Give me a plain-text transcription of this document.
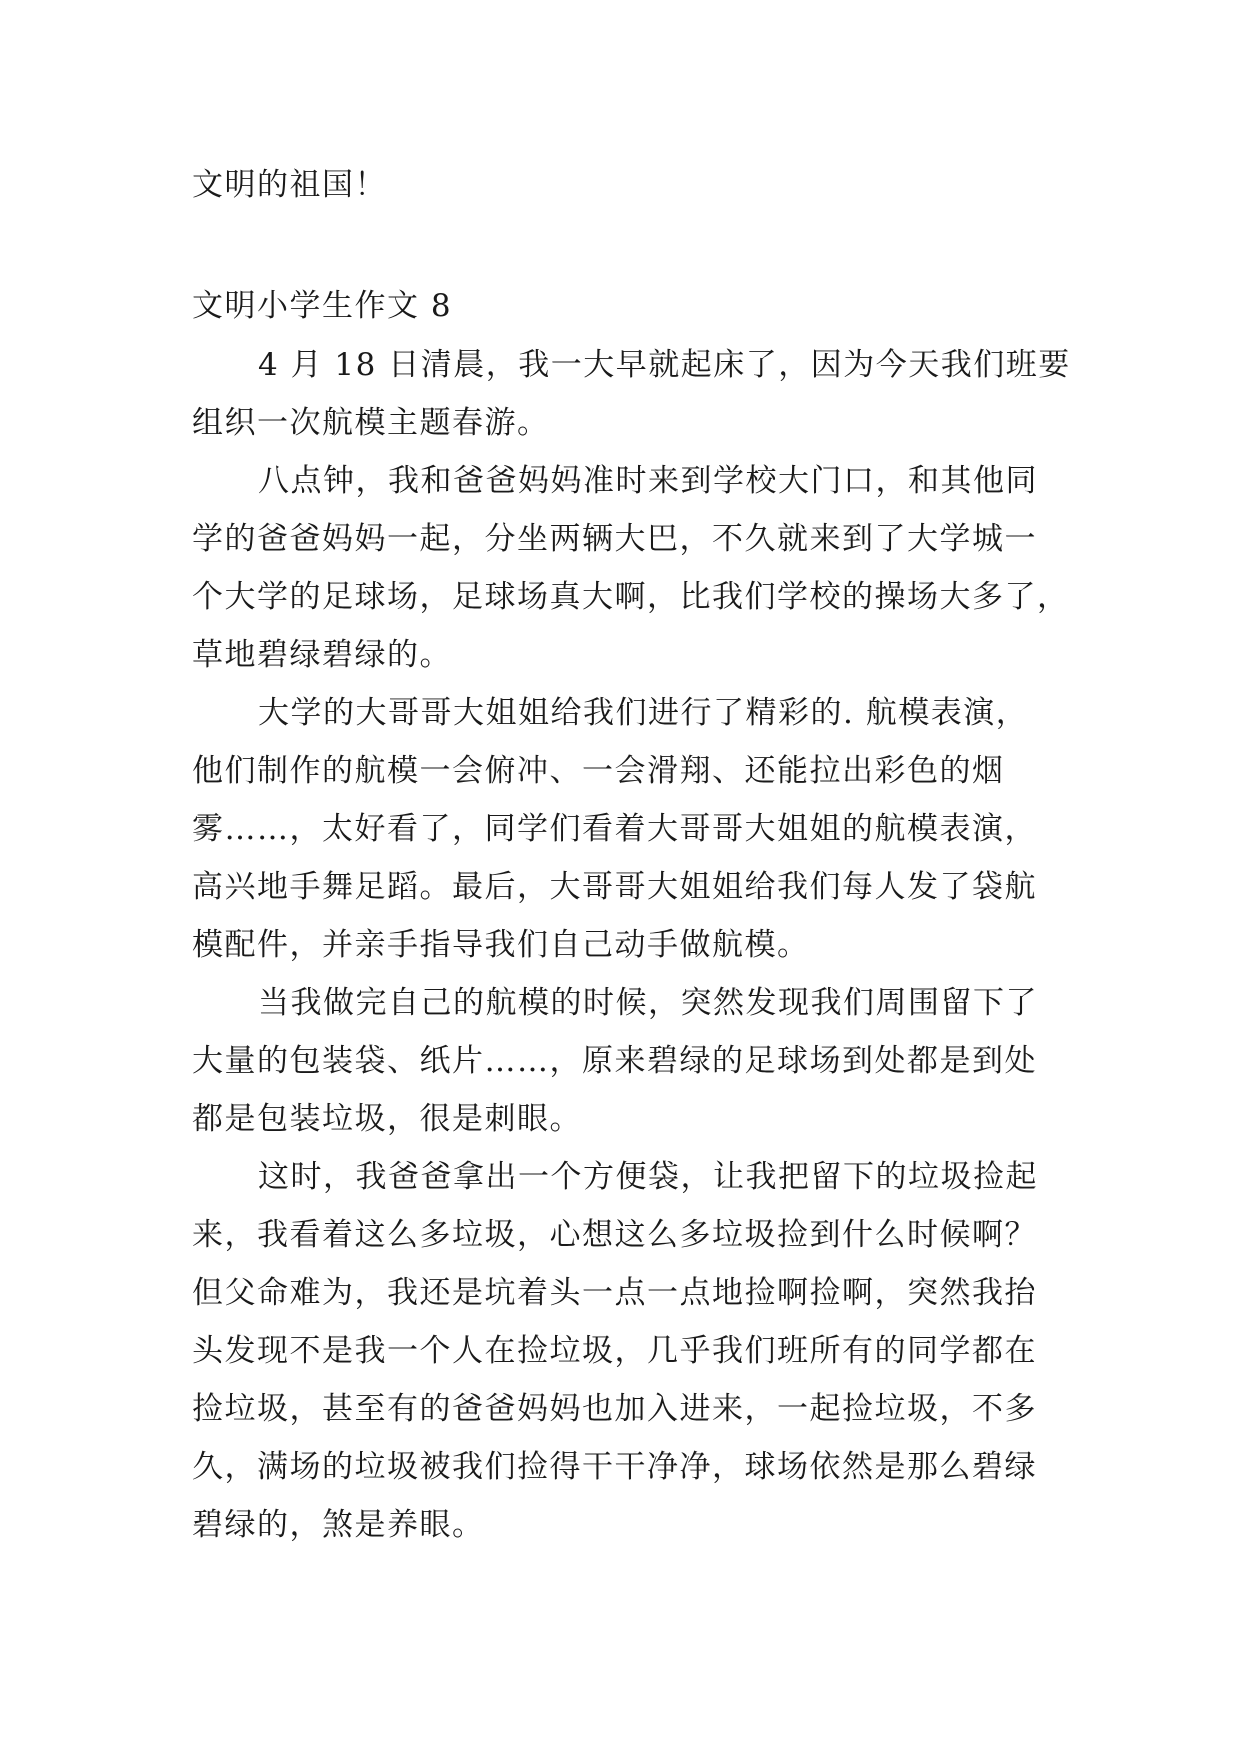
文明的祖国！

文明小学生作文 8

4 月 18 日清晨，我一大早就起床了，因为今天我们班要
组织一次航模主题春游。
八点钟，我和爸爸妈妈准时来到学校大门口，和其他同
学的爸爸妈妈一起，分坐两辆大巴，不久就来到了大学城一
个大学的足球场，足球场真大啊，比我们学校的操场大多了，
草地碧绿碧绿的。
大学的大哥哥大姐姐给我们进行了精彩的. 航模表演，
他们制作的航模一会俯冲、一会滑翔、还能拉出彩色的烟
雾……，太好看了，同学们看着大哥哥大姐姐的航模表演，
高兴地手舞足蹈。最后，大哥哥大姐姐给我们每人发了袋航
模配件，并亲手指导我们自己动手做航模。
当我做完自己的航模的时候，突然发现我们周围留下了
大量的包装袋、纸片……，原来碧绿的足球场到处都是到处
都是包装垃圾，很是刺眼。
这时，我爸爸拿出一个方便袋，让我把留下的垃圾捡起
来，我看着这么多垃圾，心想这么多垃圾捡到什么时候啊？
但父命难为，我还是坑着头一点一点地捡啊捡啊，突然我抬
头发现不是我一个人在捡垃圾，几乎我们班所有的同学都在
捡垃圾，甚至有的爸爸妈妈也加入进来，一起捡垃圾，不多
久，满场的垃圾被我们捡得干干净净，球场依然是那么碧绿
碧绿的，煞是养眼。
